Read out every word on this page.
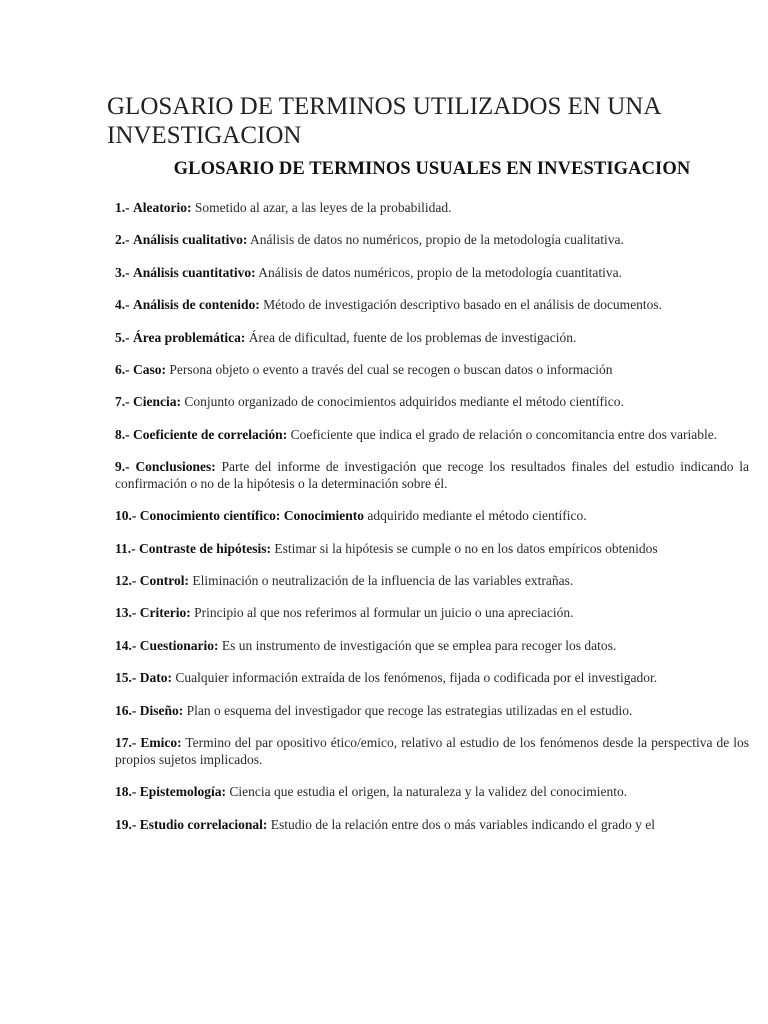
GLOSARIO DE TERMINOS UTILIZADOS EN UNA INVESTIGACION
GLOSARIO DE TERMINOS USUALES EN INVESTIGACION

1.- Aleatorio: Sometido al azar, a las leyes de la probabilidad.

2.- Análisis cualitativo: Análisis de datos no numéricos, propio de la metodología cualitativa.

3.- Análisis cuantitativo: Análisis de datos numéricos, propio de la metodología cuantitativa.

4.- Análisis de contenido: Método de investigación descriptivo basado en el análisis de documentos.

5.- Área problemática: Área de dificultad, fuente de los problemas de investigación.

6.- Caso: Persona objeto o evento a través del cual se recogen o buscan datos o información

7.- Ciencia: Conjunto organizado de conocimientos adquiridos mediante el método científico.

8.- Coeficiente de correlación: Coeficiente que indica el grado de relación o concomitancia entre dos variable.

9.- Conclusiones: Parte del informe de investigación que recoge los resultados finales del estudio indicando la confirmación o no de la hipótesis o la determinación sobre él.

10.- Conocimiento científico: Conocimiento adquirido mediante el método científico.

11.- Contraste de hipótesis: Estimar si la hipótesis se cumple o no en los datos empíricos obtenidos

12.- Control: Eliminación o neutralización de la influencia de las variables extrañas.

13.- Criterio: Principio al que nos referimos al formular un juicio o una apreciación.

14.- Cuestionario: Es un instrumento de investigación que se emplea para recoger los datos.

15.- Dato: Cualquier información extraída de los fenómenos, fijada o codificada por el investigador.

16.- Diseño: Plan o esquema del investigador que recoge las estrategias utilizadas en el estudio.

17.- Emico: Termino del par opositivo ético/emico, relativo al estudio de los fenómenos desde la perspectiva de los propios sujetos implicados.

18.- Epistemología: Ciencia que estudia el origen, la naturaleza y la validez del conocimiento.

19.- Estudio correlacional: Estudio de la relación entre dos o más variables indicando el grado y el
